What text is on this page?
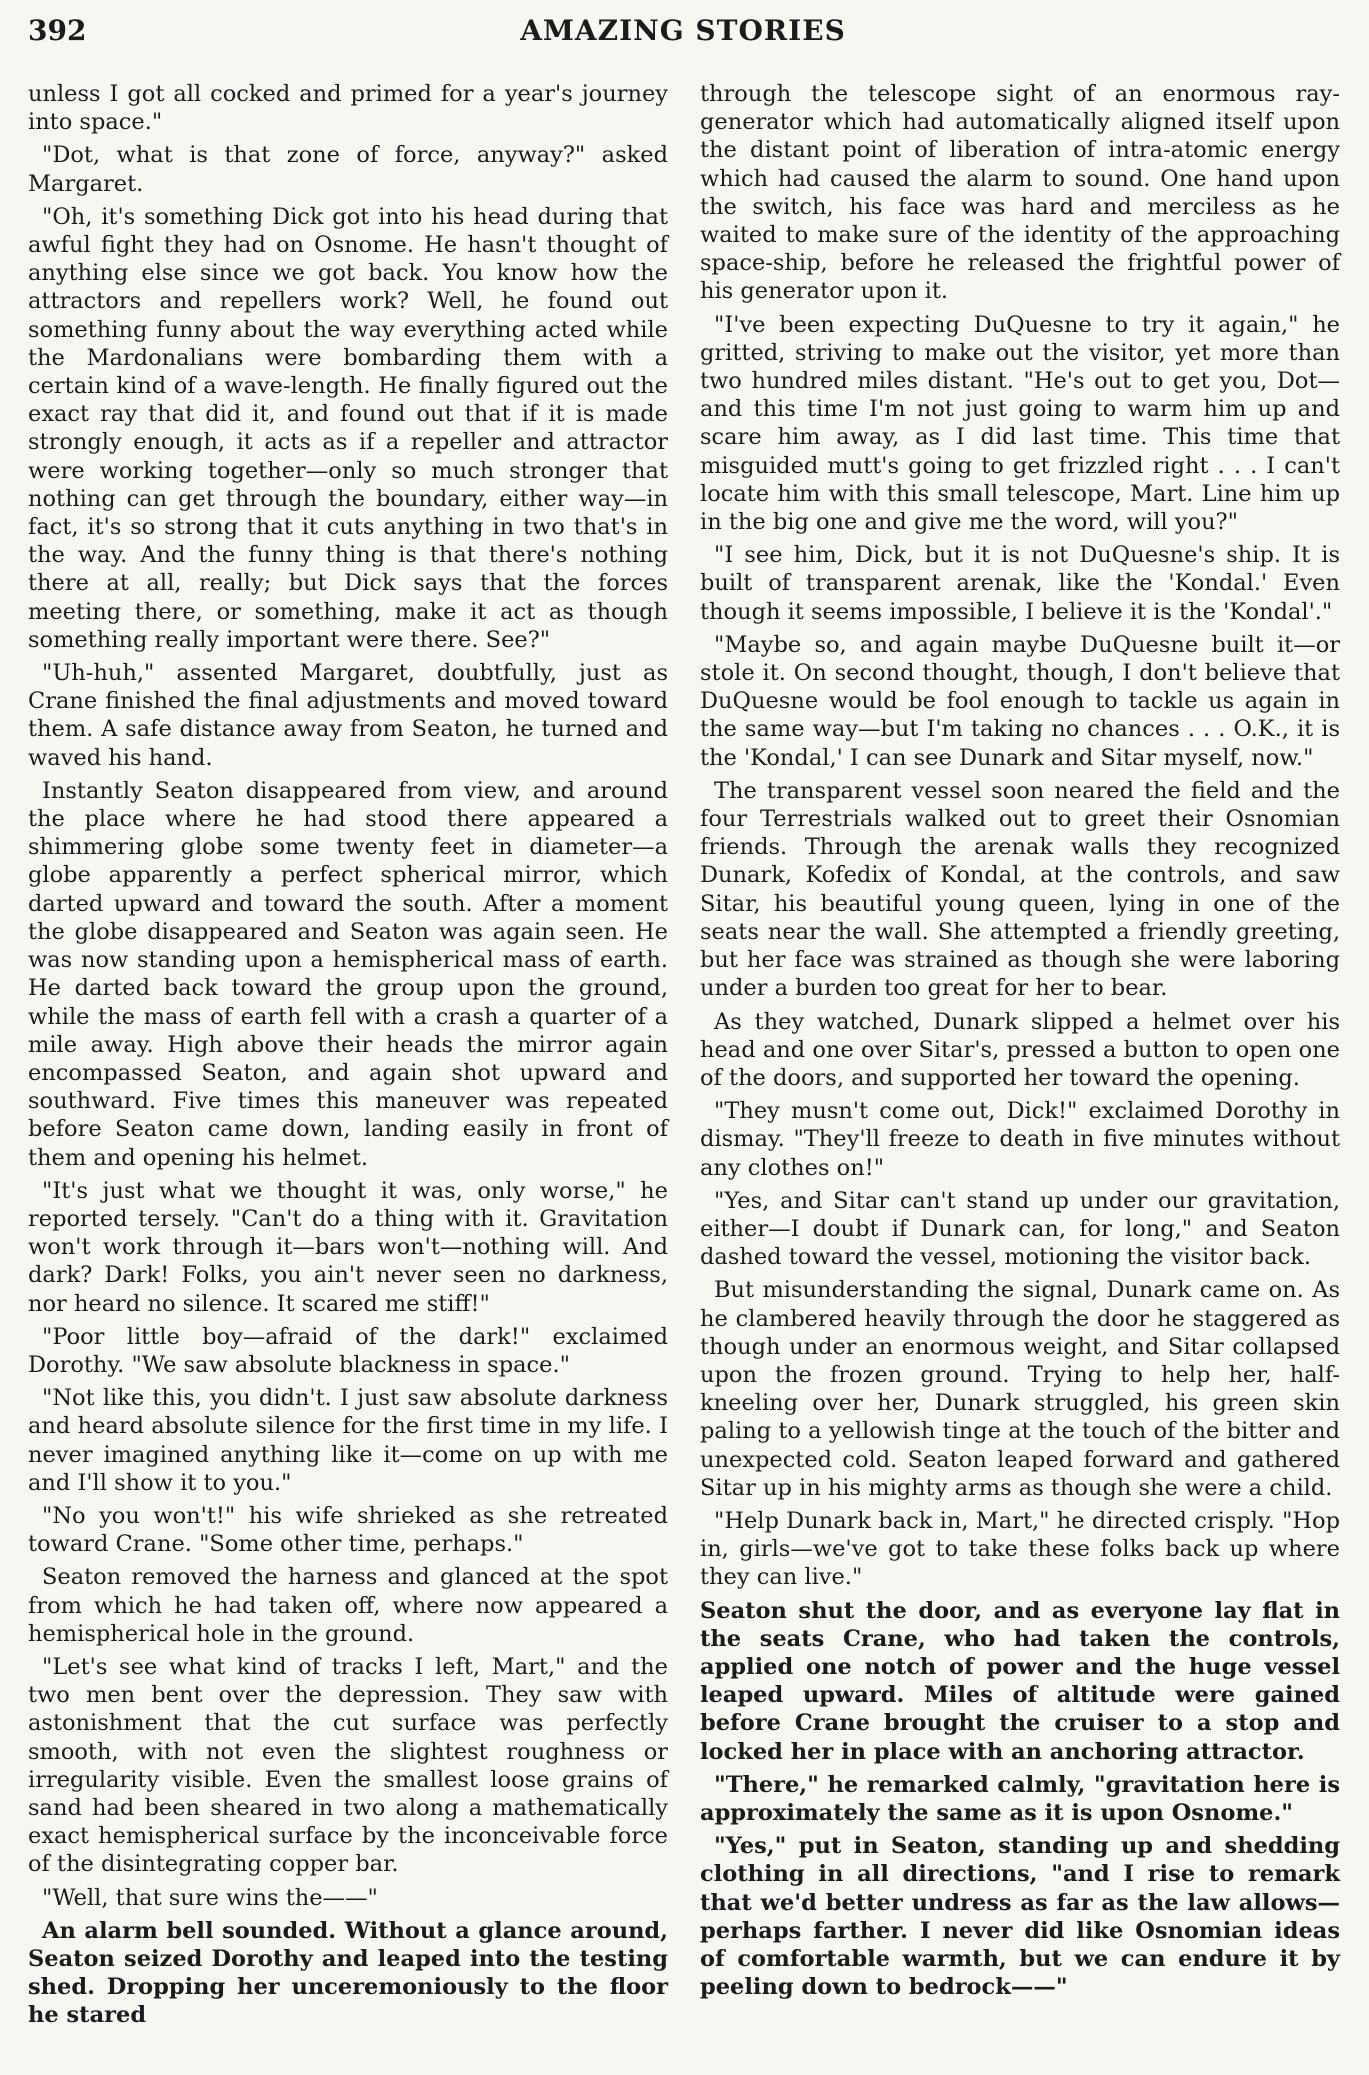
392	AMAZING STORIES

unless I got all cocked and primed for a year's journey into space."

"Dot, what is that zone of force, anyway?" asked Margaret.

"Oh, it's something Dick got into his head during that awful fight they had on Osnome. He hasn't thought of anything else since we got back. You know how the attractors and repellers work? Well, he found out something funny about the way everything acted while the Mardonalians were bombarding them with a certain kind of a wave-length. He finally figured out the exact ray that did it, and found out that if it is made strongly enough, it acts as if a repeller and attractor were working together—only so much stronger that nothing can get through the boundary, either way—in fact, it's so strong that it cuts anything in two that's in the way. And the funny thing is that there's nothing there at all, really; but Dick says that the forces meeting there, or something, make it act as though something really important were there. See?"

"Uh-huh," assented Margaret, doubtfully, just as Crane finished the final adjustments and moved toward them. A safe distance away from Seaton, he turned and waved his hand.

Instantly Seaton disappeared from view, and around the place where he had stood there appeared a shimmering globe some twenty feet in diameter—a globe apparently a perfect spherical mirror, which darted upward and toward the south. After a moment the globe disappeared and Seaton was again seen. He was now standing upon a hemispherical mass of earth. He darted back toward the group upon the ground, while the mass of earth fell with a crash a quarter of a mile away. High above their heads the mirror again encompassed Seaton, and again shot upward and southward. Five times this maneuver was repeated before Seaton came down, landing easily in front of them and opening his helmet.

"It's just what we thought it was, only worse," he reported tersely. "Can't do a thing with it. Gravitation won't work through it—bars won't—nothing will. And dark? Dark! Folks, you ain't never seen no darkness, nor heard no silence. It scared me stiff!"

"Poor little boy—afraid of the dark!" exclaimed Dorothy. "We saw absolute blackness in space."

"Not like this, you didn't. I just saw absolute darkness and heard absolute silence for the first time in my life. I never imagined anything like it—come on up with me and I'll show it to you."

"No you won't!" his wife shrieked as she retreated toward Crane. "Some other time, perhaps."

Seaton removed the harness and glanced at the spot from which he had taken off, where now appeared a hemispherical hole in the ground.

"Let's see what kind of tracks I left, Mart," and the two men bent over the depression. They saw with astonishment that the cut surface was perfectly smooth, with not even the slightest roughness or irregularity visible. Even the smallest loose grains of sand had been sheared in two along a mathematically exact hemispherical surface by the inconceivable force of the disintegrating copper bar.

"Well, that sure wins the——"

An alarm bell sounded. Without a glance around, Seaton seized Dorothy and leaped into the testing shed. Dropping her unceremoniously to the floor he stared

through the telescope sight of an enormous ray-generator which had automatically aligned itself upon the distant point of liberation of intra-atomic energy which had caused the alarm to sound. One hand upon the switch, his face was hard and merciless as he waited to make sure of the identity of the approaching space-ship, before he released the frightful power of his generator upon it.

"I've been expecting DuQuesne to try it again," he gritted, striving to make out the visitor, yet more than two hundred miles distant. "He's out to get you, Dot—and this time I'm not just going to warm him up and scare him away, as I did last time. This time that misguided mutt's going to get frizzled right . . . I can't locate him with this small telescope, Mart. Line him up in the big one and give me the word, will you?"

"I see him, Dick, but it is not DuQuesne's ship. It is built of transparent arenak, like the 'Kondal.' Even though it seems impossible, I believe it is the 'Kondal'."

"Maybe so, and again maybe DuQuesne built it—or stole it. On second thought, though, I don't believe that DuQuesne would be fool enough to tackle us again in the same way—but I'm taking no chances . . . O.K., it is the 'Kondal,' I can see Dunark and Sitar myself, now."

The transparent vessel soon neared the field and the four Terrestrials walked out to greet their Osnomian friends. Through the arenak walls they recognized Dunark, Kofedix of Kondal, at the controls, and saw Sitar, his beautiful young queen, lying in one of the seats near the wall. She attempted a friendly greeting, but her face was strained as though she were laboring under a burden too great for her to bear.

As they watched, Dunark slipped a helmet over his head and one over Sitar's, pressed a button to open one of the doors, and supported her toward the opening.

"They musn't come out, Dick!" exclaimed Dorothy in dismay. "They'll freeze to death in five minutes without any clothes on!"

"Yes, and Sitar can't stand up under our gravitation, either—I doubt if Dunark can, for long," and Seaton dashed toward the vessel, motioning the visitor back.

But misunderstanding the signal, Dunark came on. As he clambered heavily through the door he staggered as though under an enormous weight, and Sitar collapsed upon the frozen ground. Trying to help her, half-kneeling over her, Dunark struggled, his green skin paling to a yellowish tinge at the touch of the bitter and unexpected cold. Seaton leaped forward and gathered Sitar up in his mighty arms as though she were a child.

"Help Dunark back in, Mart," he directed crisply. "Hop in, girls—we've got to take these folks back up where they can live."

Seaton shut the door, and as everyone lay flat in the seats Crane, who had taken the controls, applied one notch of power and the huge vessel leaped upward. Miles of altitude were gained before Crane brought the cruiser to a stop and locked her in place with an anchoring attractor.

"There," he remarked calmly, "gravitation here is approximately the same as it is upon Osnome."

"Yes," put in Seaton, standing up and shedding clothing in all directions, "and I rise to remark that we'd better undress as far as the law allows—perhaps farther. I never did like Osnomian ideas of comfortable warmth, but we can endure it by peeling down to bedrock——"
